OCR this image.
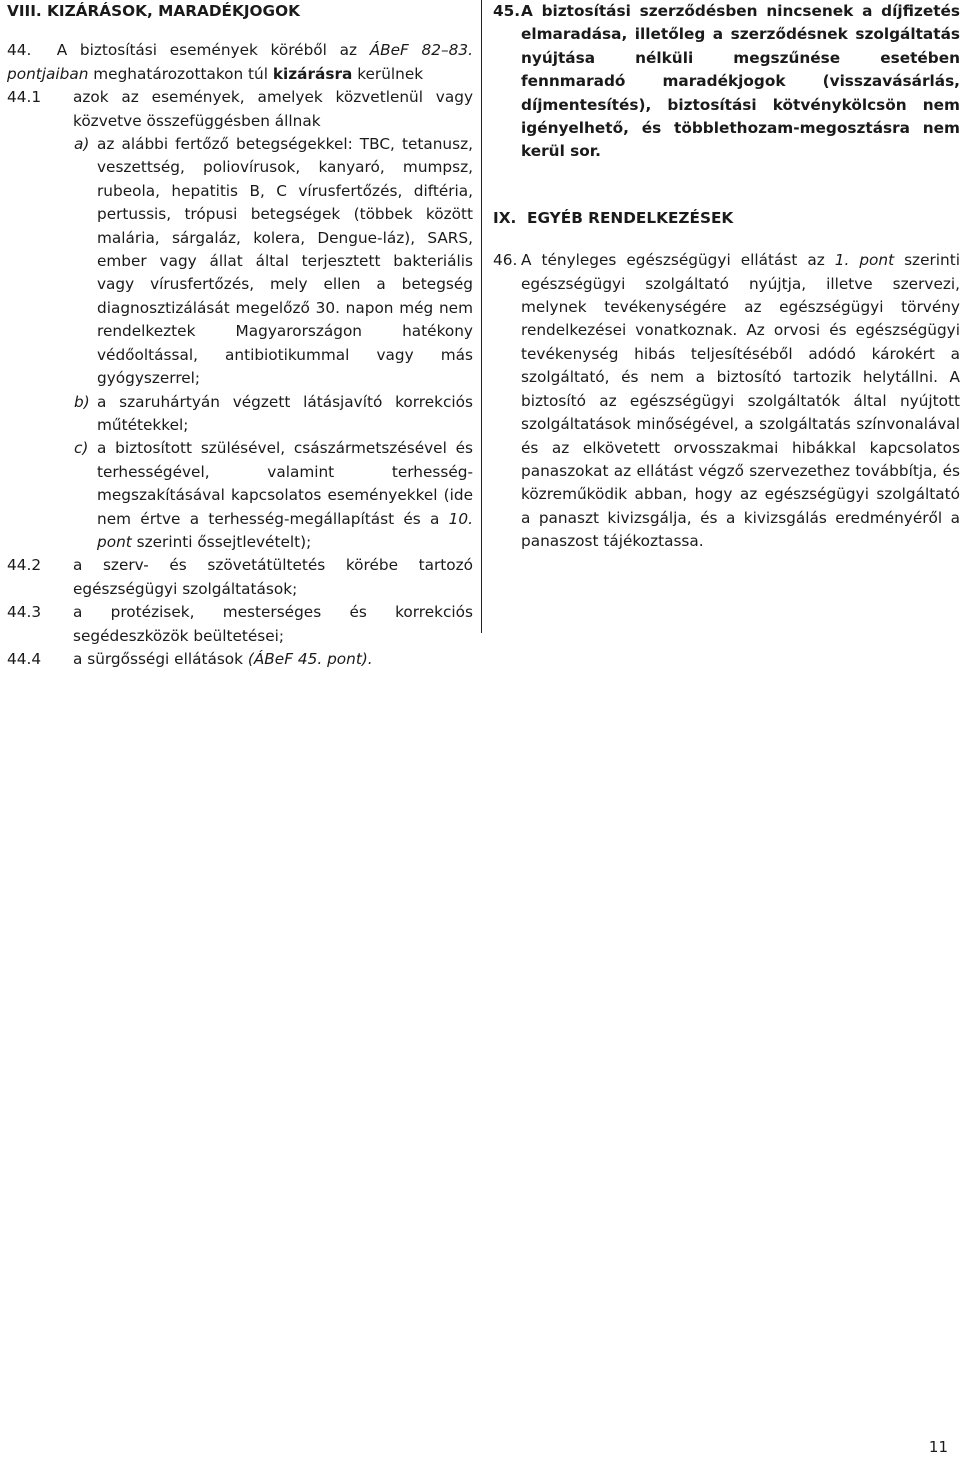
VIII. KIZÁRÁSOK, MARADÉKJOGOK

44. A biztosítási események köréből az ÁBeF 82–83. pontjaiban meghatározottakon túl kizárásra kerülnek

44.1	azok az események, amelyek közvetlenül vagy közvetve összefüggésben állnak
a) az alábbi fertőző betegségekkel: TBC, tetanusz, veszettség, poliovírusok, kanyaró, mumpsz, rubeola, hepatitis B, C vírusfertőzés, diftéria, pertussis, trópusi betegségek (többek között malária, sárgaláz, kolera, Dengue-láz), SARS, ember vagy állat által terjesztett bakteriális vagy vírusfertőzés, mely ellen a betegség diagnosztizálását megelőző 30. napon még nem rendelkeztek Magyarországon hatékony védőoltással, antibiotikummal vagy más gyógyszerrel;
b) a szaruhártyán végzett látásjavító korrekciós műtétekkel;
c) a biztosított szülésével, császármetszésével és terhességével, valamint terhesség-megszakításával kapcsolatos eseményekkel (ide nem értve a terhesség-megállapítást és a 10. pont szerinti őssejtlevételt);
44.2	a szerv- és szövetátültetés körébe tartozó egészségügyi szolgáltatások;
44.3	a protézisek, mesterséges és korrekciós segédeszközök beültetései;
44.4	a sürgősségi ellátások (ÁBeF 45. pont).
45. A biztosítási szerződésben nincsenek a díjfizetés elmaradása, illetőleg a szerződésnek szolgáltatás nyújtása nélküli megszűnése esetében fennmaradó maradékjogok (visszavásárlás, díjmentesítés), biztosítási kötvénykölcsön nem igényelhető, és többlethozam-megosztásra nem kerül sor.
IX. EGYÉB RENDELKEZÉSEK
46. A tényleges egészségügyi ellátást az 1. pont szerinti egészségügyi szolgáltató nyújtja, illetve szervezi, melynek tevékenységére az egészségügyi törvény rendelkezései vonatkoznak. Az orvosi és egészségügyi tevékenység hibás teljesítéséből adódó károkért a szolgáltató, és nem a biztosító tartozik helytállni. A biztosító az egészségügyi szolgáltatók által nyújtott szolgáltatások minőségével, a szolgáltatás színvonalával és az elkövetett orvosszakmai hibákkal kapcsolatos panaszokat az ellátást végző szervezethez továbbítja, és közreműködik abban, hogy az egészségügyi szolgáltató a panaszt kivizsgálja, és a kivizsgálás eredményéről a panaszost tájékoztassa.
11
